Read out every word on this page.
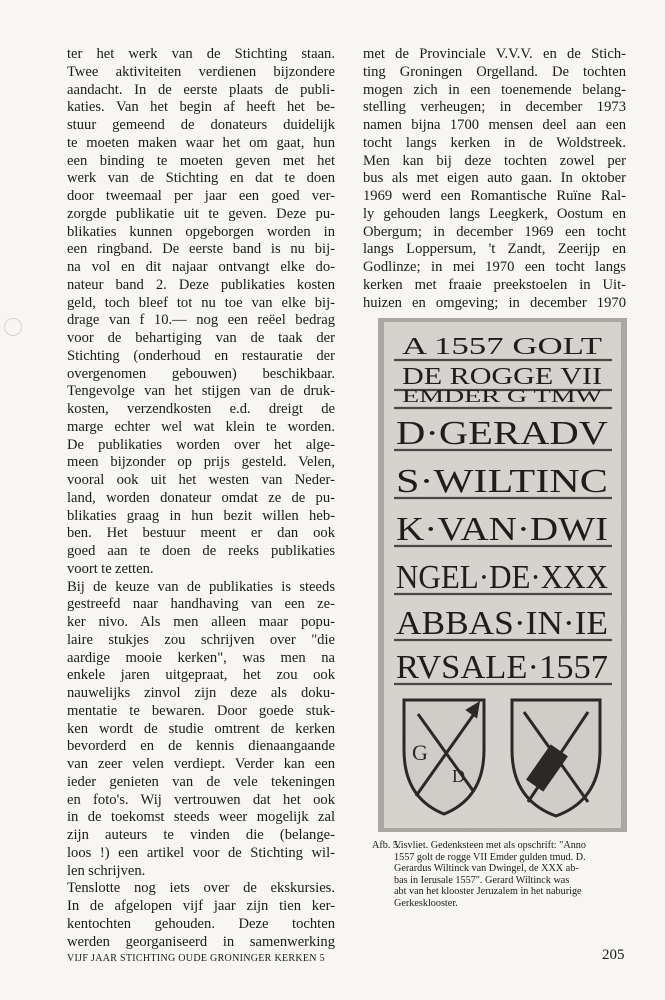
ter het werk van de Stichting staan.
Twee aktiviteiten verdienen bijzondere
aandacht. In de eerste plaats de publi-
katies. Van het begin af heeft het be-
stuur gemeend de donateurs duidelijk
te moeten maken waar het om gaat, hun
een binding te moeten geven met het
werk van de Stichting en dat te doen
door tweemaal per jaar een goed ver-
zorgde publikatie uit te geven. Deze pu-
blikaties kunnen opgeborgen worden in
een ringband. De eerste band is nu bij-
na vol en dit najaar ontvangt elke do-
nateur band 2. Deze publikaties kosten
geld, toch bleef tot nu toe van elke bij-
drage van f 10.— nog een reëel bedrag
voor de behartiging van de taak der
Stichting (onderhoud en restauratie der
overgenomen gebouwen) beschikbaar.
Tengevolge van het stijgen van de druk-
kosten, verzendkosten e.d. dreigt de
marge echter wel wat klein te worden.
De publikaties worden over het alge-
meen bijzonder op prijs gesteld. Velen,
vooral ook uit het westen van Neder-
land, worden donateur omdat ze de pu-
blikaties graag in hun bezit willen heb-
ben. Het bestuur meent er dan ook
goed aan te doen de reeks publikaties
voort te zetten.
Bij de keuze van de publikaties is steeds
gestreefd naar handhaving van een ze-
ker nivo. Als men alleen maar popu-
laire stukjes zou schrijven over "die
aardige mooie kerken", was men na
enkele jaren uitgepraat, het zou ook
nauwelijks zinvol zijn deze als doku-
mentatie te bewaren. Door goede stuk-
ken wordt de studie omtrent de kerken
bevorderd en de kennis dienaangaande
van zeer velen verdiept. Verder kan een
ieder genieten van de vele tekeningen
en foto's. Wij vertrouwen dat het ook
in de toekomst steeds weer mogelijk zal
zijn auteurs te vinden die (belange-
loos !) een artikel voor de Stichting wil-
len schrijven.
Tenslotte nog iets over de ekskursies.
In de afgelopen vijf jaar zijn tien ker-
kentochten gehouden. Deze tochten
werden georganiseerd in samenwerking
met de Provinciale V.V.V. en de Stich-
ting Groningen Orgelland. De tochten
mogen zich in een toenemende belang-
stelling verheugen; in december 1973
namen bijna 1700 mensen deel aan een
tocht langs kerken in de Woldstreek.
Men kan bij deze tochten zowel per
bus als met eigen auto gaan. In oktober
1969 werd een Romantische Ruïne Ral-
ly gehouden langs Leegkerk, Oostum en
Obergum; in december 1969 een tocht
langs Loppersum, 't Zandt, Zeerijp en
Godlinze; in mei 1970 een tocht langs
kerken met fraaie preekstoelen in Uit-
huizen en omgeving; in december 1970
A 1557 GOLT
DE ROGGE VII
EMDER G TMW
D·GERADV
S·WILTINC
K·VAN·DWI
NGEL·DE·XXX
ABBAS·IN·IE
RVSALE·1557
G
D
Afb. 5.
Visvliet. Gedenksteen met als opschrift: "Anno
1557 golt de rogge VII Emder gulden tmud. D.
Gerardus Wiltinck van Dwingel, de XXX ab-
bas in Ierusale 1557". Gerard Wiltinck was
abt van het klooster Jeruzalem in het naburige
Gerkesklooster.
VIJF JAAR STICHTING OUDE GRONINGER KERKEN 5	205
